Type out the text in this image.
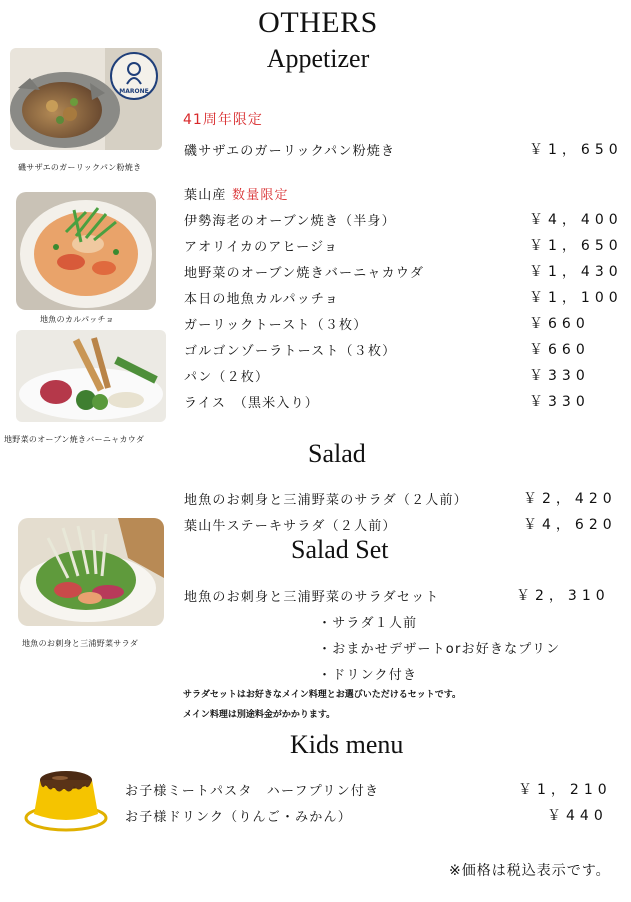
OTHERS
Appetizer
MARONE
磯サザエのガーリックパン粉焼き
地魚のカルパッチョ
地野菜のオーブン焼きバーニャカウダ
41周年限定
磯サザエのガーリックパン粉焼き	￥1，650
葉山産 数量限定
伊勢海老のオーブン焼き（半身）	￥4，400
アオリイカのアヒージョ	￥1，650
地野菜のオーブン焼きバーニャカウダ	￥1，430
本日の地魚カルパッチョ	￥1，100
ガーリックトースト（３枚）	￥660
ゴルゴンゾーラトースト（３枚）	￥660
パン（２枚）	￥330
ライス　（黒米入り）	￥330
Salad
地魚のお刺身と三浦野菜のサラダ（２人前）	￥2，420
葉山牛ステーキサラダ（２人前）	￥4，620
Salad Set
地魚のお刺身と三浦野菜サラダ
地魚のお刺身と三浦野菜のサラダセット	￥2，310
・サラダ１人前
・おまかせデザートorお好きなプリン
・ドリンク付き
サラダセットはお好きなメイン料理とお選びいただけるセットです。
メイン料理は別途料金がかかります。
Kids menu
お子様ミートパスタ　ハーフプリン付き	￥1，210
お子様ドリンク（りんご・みかん）	￥440
※価格は税込表示です。
